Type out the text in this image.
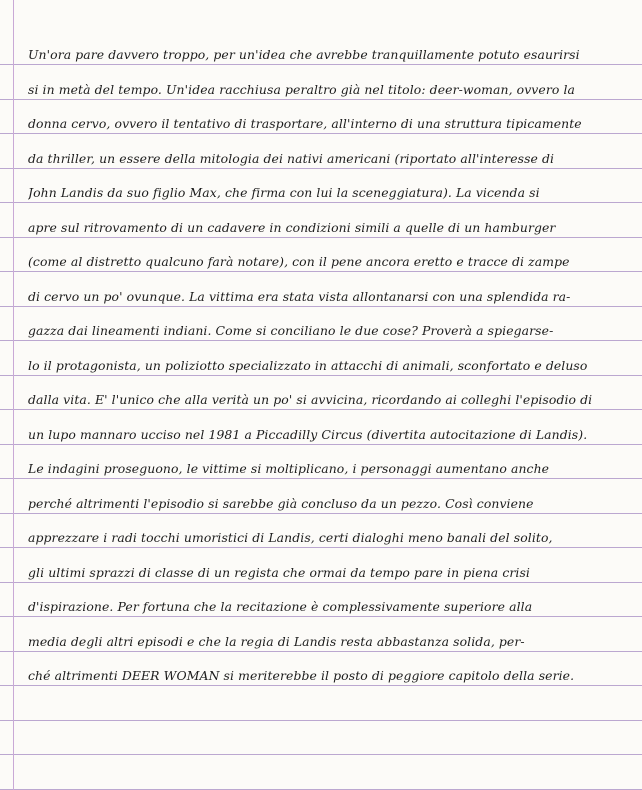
Un'ora pare davvero troppo, per un'idea che avrebbe tranquillamente potuto esaurirsi
si in metà del tempo. Un'idea racchiusa peraltro già nel titolo: deer-woman, ovvero la
donna cervo, ovvero il tentativo di trasportare, all'interno di una struttura tipicamente
da thriller, un essere della mitologia dei nativi americani (riportato all'interesse di
John Landis da suo figlio Max, che firma con lui la sceneggiatura). La vicenda si
apre sul ritrovamento di un cadavere in condizioni simili a quelle di un hamburger
(come al distretto qualcuno farà notare), con il pene ancora eretto e tracce di zampe
di cervo un po' ovunque. La vittima era stata vista allontanarsi con una splendida ra-
gazza dai lineamenti indiani. Come si conciliano le due cose? Proverà a spiegarse-
lo il protagonista, un poliziotto specializzato in attacchi di animali, sconfortato e deluso
dalla vita. E' l'unico che alla verità un po' si avvicina, ricordando ai colleghi l'episodio di
un lupo mannaro ucciso nel 1981 a Piccadilly Circus (divertita autocitazione di Landis).
Le indagini proseguono, le vittime si moltiplicano, i personaggi aumentano anche
perché altrimenti l'episodio si sarebbe già concluso da un pezzo. Così conviene
apprezzare i radi tocchi umoristici di Landis, certi dialoghi meno banali del solito,
gli ultimi sprazzi di classe di un regista che ormai da tempo pare in piena crisi
d'ispirazione. Per fortuna che la recitazione è complessivamente superiore alla
media degli altri episodi e che la regia di Landis resta abbastanza solida, per-
ché altrimenti DEER WOMAN si meriterebbe il posto di peggiore capitolo della serie.
